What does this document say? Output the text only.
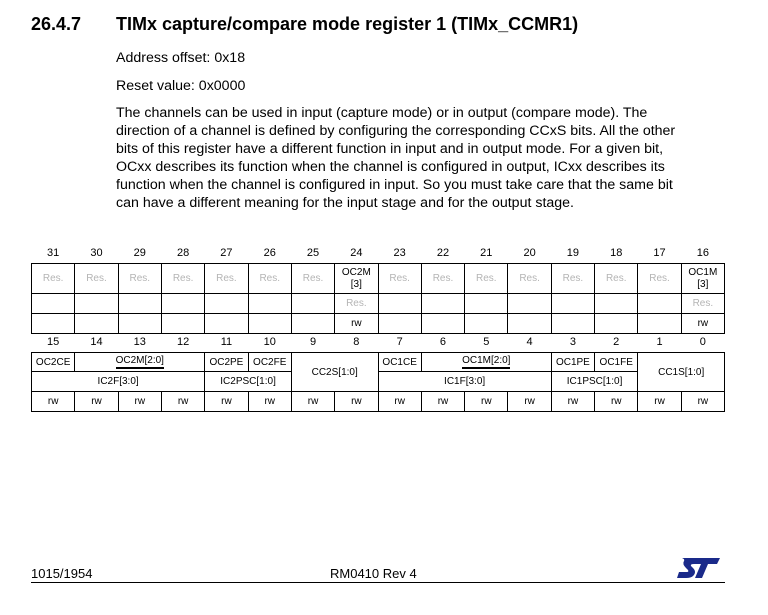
26.4.7 TIMx capture/compare mode register 1 (TIMx_CCMR1)
Address offset: 0x18
Reset value: 0x0000
The channels can be used in input (capture mode) or in output (compare mode). The
direction of a channel is defined by configuring the corresponding CCxS bits. All the other
bits of this register have a different function in input and in output mode. For a given bit,
OCxx describes its function when the channel is configured in output, ICxx describes its
function when the channel is configured in input. So you must take care that the same bit
can have a different meaning for the input stage and for the output stage.
31	30	29	28	27	26	25	24	23	22	21	20	19	18	17	16
Res.	Res.	Res.	Res.	Res.	Res.	Res.	OC2M [3]	Res.	Res.	Res.	Res.	Res.	Res.	Res.	OC1M [3]
							Res.								Res.
							rw								rw
15	14	13	12	11	10	9	8	7	6	5	4	3	2	1	0
OC2CE	OC2M[2:0]			OC2PE	OC2FE	CC2S[1:0]		OC1CE	OC1M[2:0]			OC1PE	OC1FE	CC1S[1:0]	
IC2F[3:0]				IC2PSC[1:0]				IC1F[3:0]				IC1PSC[1:0]			
rw	rw	rw	rw	rw	rw	rw	rw	rw	rw	rw	rw	rw	rw	rw	rw
1015/1954	RM0410 Rev 4
